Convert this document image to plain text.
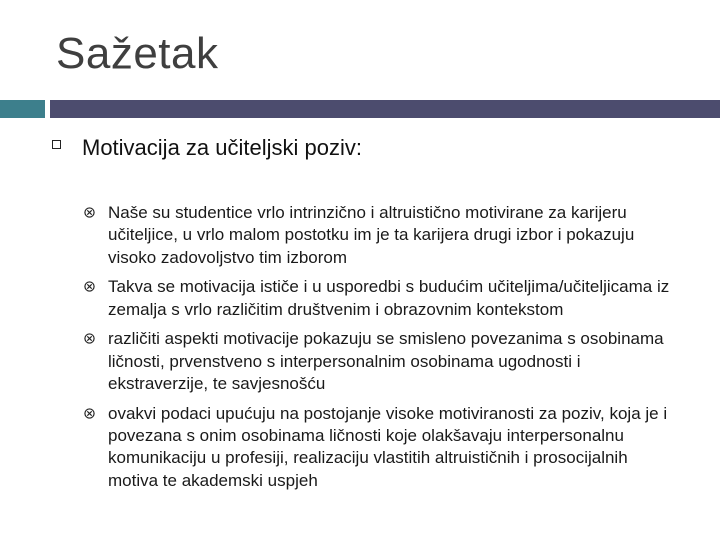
Sažetak
Motivacija za učiteljski poziv:
Naše su studentice vrlo intrinzično i altruistično motivirane za karijeru učiteljice, u vrlo malom postotku im je ta karijera drugi izbor i pokazuju visoko zadovoljstvo tim izborom
Takva se motivacija ističe i u usporedbi s budućim učiteljima/učiteljicama iz zemalja s vrlo različitim društvenim i obrazovnim kontekstom
različiti aspekti motivacije pokazuju se smisleno povezanima s osobinama ličnosti, prvenstveno s interpersonalnim osobinama ugodnosti i ekstraverzije, te savjesnošću
ovakvi podaci upućuju na postojanje visoke motiviranosti za poziv, koja je i povezana s onim osobinama ličnosti koje olakšavaju interpersonalnu komunikaciju u profesiji, realizaciju vlastitih altruističnih i prosocijalnih motiva te akademski uspjeh
